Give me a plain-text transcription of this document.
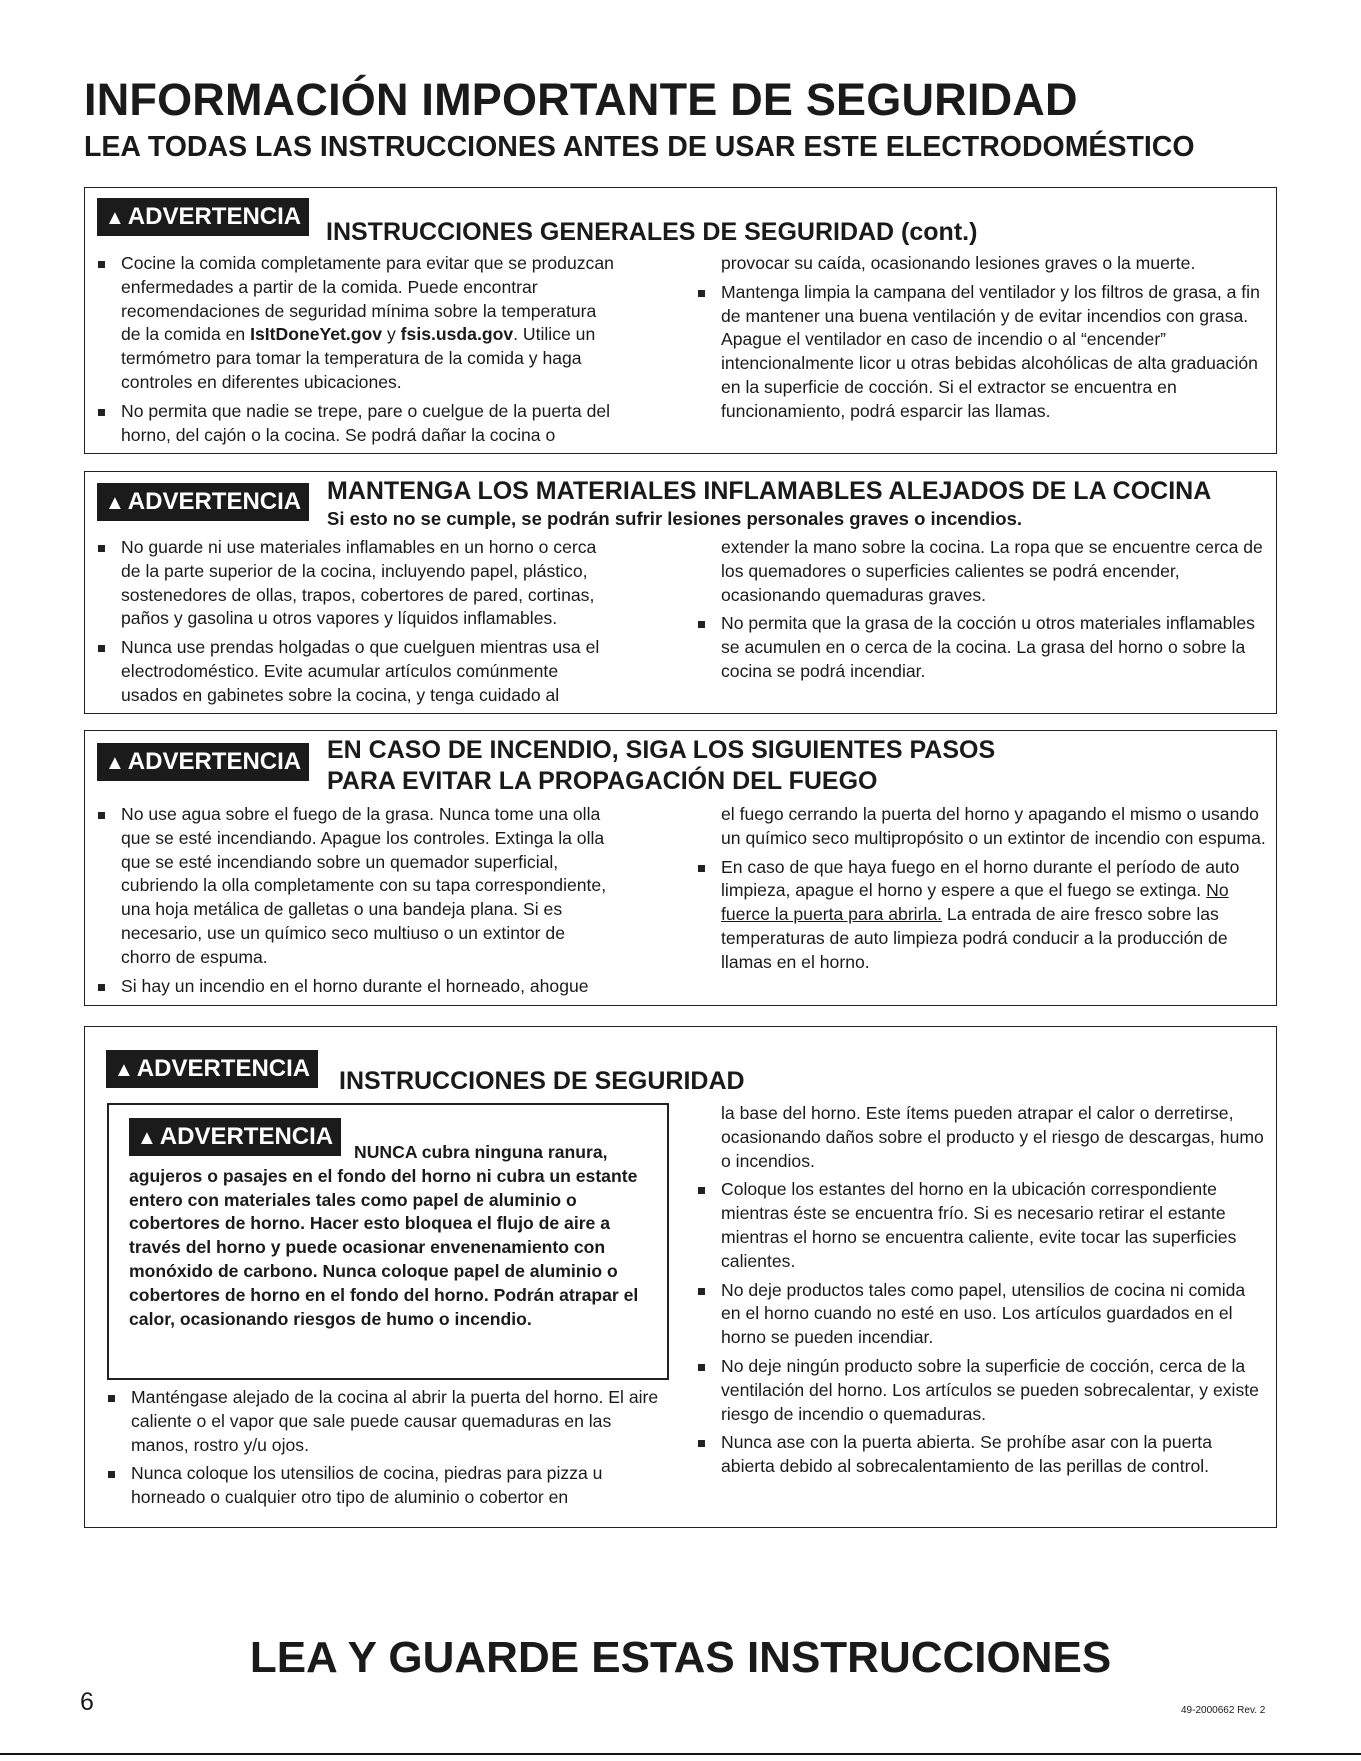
INFORMACIÓN IMPORTANTE DE SEGURIDAD
LEA TODAS LAS INSTRUCCIONES ANTES DE USAR ESTE ELECTRODOMÉSTICO
▲ ADVERTENCIA
INSTRUCCIONES GENERALES DE SEGURIDAD (cont.)
Cocine la comida completamente para evitar que se produzcan enfermedades a partir de la comida. Puede encontrar recomendaciones de seguridad mínima sobre la temperatura de la comida en IsItDoneYet.gov y fsis.usda.gov. Utilice un termómetro para tomar la temperatura de la comida y haga controles en diferentes ubicaciones.
No permita que nadie se trepe, pare o cuelgue de la puerta del horno, del cajón o la cocina. Se podrá dañar la cocina o
provocar su caída, ocasionando lesiones graves o la muerte.
Mantenga limpia la campana del ventilador y los filtros de grasa, a fin de mantener una buena ventilación y de evitar incendios con grasa. Apague el ventilador en caso de incendio o al “encender” intencionalmente licor u otras bebidas alcohólicas de alta graduación en la superficie de cocción. Si el extractor se encuentra en funcionamiento, podrá esparcir las llamas.
▲ ADVERTENCIA	MANTENGA LOS MATERIALES INFLAMABLES ALEJADOS DE LA COCINA
Si esto no se cumple, se podrán sufrir lesiones personales graves o incendios.
No guarde ni use materiales inflamables en un horno o cerca de la parte superior de la cocina, incluyendo papel, plástico, sostenedores de ollas, trapos, cobertores de pared, cortinas, paños y gasolina u otros vapores y líquidos inflamables.
Nunca use prendas holgadas o que cuelguen mientras usa el electrodoméstico. Evite acumular artículos comúnmente usados en gabinetes sobre la cocina, y tenga cuidado al
extender la mano sobre la cocina. La ropa que se encuentre cerca de los quemadores o superficies calientes se podrá encender, ocasionando quemaduras graves.
No permita que la grasa de la cocción u otros materiales inflamables se acumulen en o cerca de la cocina. La grasa del horno o sobre la cocina se podrá incendiar.
▲ ADVERTENCIA	EN CASO DE INCENDIO, SIGA LOS SIGUIENTES PASOS
PARA EVITAR LA PROPAGACIÓN DEL FUEGO
No use agua sobre el fuego de la grasa. Nunca tome una olla que se esté incendiando. Apague los controles. Extinga la olla que se esté incendiando sobre un quemador superficial, cubriendo la olla completamente con su tapa correspondiente, una hoja metálica de galletas o una bandeja plana. Si es necesario, use un químico seco multiuso o un extintor de chorro de espuma.
Si hay un incendio en el horno durante el horneado, ahogue
el fuego cerrando la puerta del horno y apagando el mismo o usando un químico seco multipropósito o un extintor de incendio con espuma.
En caso de que haya fuego en el horno durante el período de auto limpieza, apague el horno y espere a que el fuego se extinga. No fuerce la puerta para abrirla. La entrada de aire fresco sobre las temperaturas de auto limpieza podrá conducir a la producción de llamas en el horno.
▲ ADVERTENCIA	INSTRUCCIONES DE SEGURIDAD
▲ ADVERTENCIA
NUNCA cubra ninguna ranura, agujeros o pasajes en el fondo del horno ni cubra un estante entero con materiales tales como papel de aluminio o cobertores de horno. Hacer esto bloquea el flujo de aire a través del horno y puede ocasionar envenenamiento con monóxido de carbono. Nunca coloque papel de aluminio o cobertores de horno en el fondo del horno. Podrán atrapar el calor, ocasionando riesgos de humo o incendio.
Manténgase alejado de la cocina al abrir la puerta del horno. El aire caliente o el vapor que sale puede causar quemaduras en las manos, rostro y/u ojos.
Nunca coloque los utensilios de cocina, piedras para pizza u horneado o cualquier otro tipo de aluminio o cobertor en
la base del horno. Este ítems pueden atrapar el calor o derretirse, ocasionando daños sobre el producto y el riesgo de descargas, humo o incendios.
Coloque los estantes del horno en la ubicación correspondiente mientras éste se encuentra frío. Si es necesario retirar el estante mientras el horno se encuentra caliente, evite tocar las superficies calientes.
No deje productos tales como papel, utensilios de cocina ni comida en el horno cuando no esté en uso. Los artículos guardados en el horno se pueden incendiar.
No deje ningún producto sobre la superficie de cocción, cerca de la ventilación del horno. Los artículos se pueden sobrecalentar, y existe riesgo de incendio o quemaduras.
Nunca ase con la puerta abierta. Se prohíbe asar con la puerta abierta debido al sobrecalentamiento de las perillas de control.
LEA Y GUARDE ESTAS INSTRUCCIONES
6	49-2000662 Rev. 2
